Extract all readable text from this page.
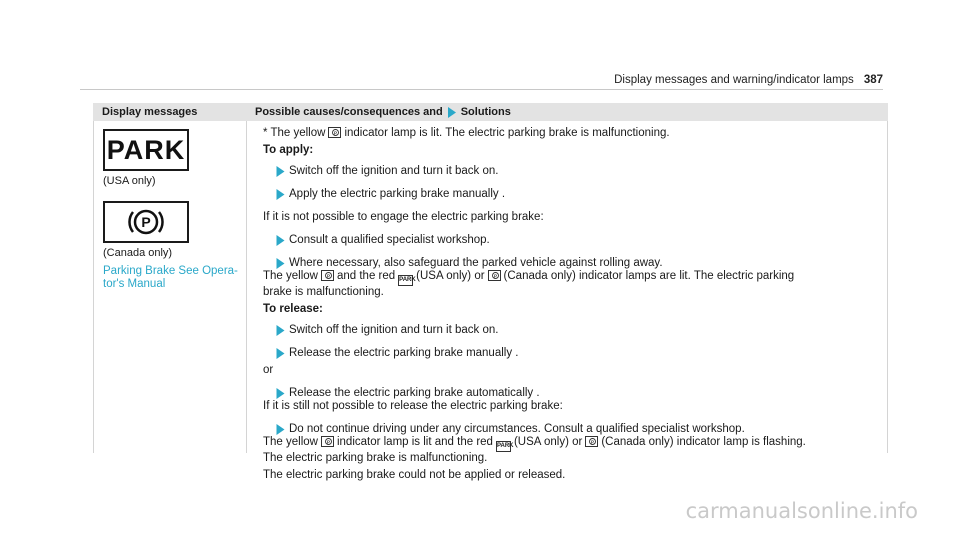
Display messages and warning/indicator lamps 387
Display messages	Possible causes/consequences and Solutions
PARK
(USA only)
P
(Canada only)
Parking Brake See Opera-
tor's Manual
* The yellow P indicator lamp is lit. The electric parking brake is malfunctioning.
To apply:
Switch off the ignition and turn it back on.
Apply the electric parking brake manually .
If it is not possible to engage the electric parking brake:
Consult a qualified specialist workshop.
Where necessary, also safeguard the parked vehicle against rolling away.
The yellow P and the red PARK(USA only) or P (Canada only) indicator lamps are lit. The electric parking
brake is malfunctioning.
To release:
Switch off the ignition and turn it back on.
Release the electric parking brake manually .
or
Release the electric parking brake automatically .
If it is still not possible to release the electric parking brake:
Do not continue driving under any circumstances. Consult a qualified specialist workshop.
The yellow P indicator lamp is lit and the red PARK(USA only) or P (Canada only) indicator lamp is flashing.
The electric parking brake is malfunctioning.
The electric parking brake could not be applied or released.
carmanualsonline.info
